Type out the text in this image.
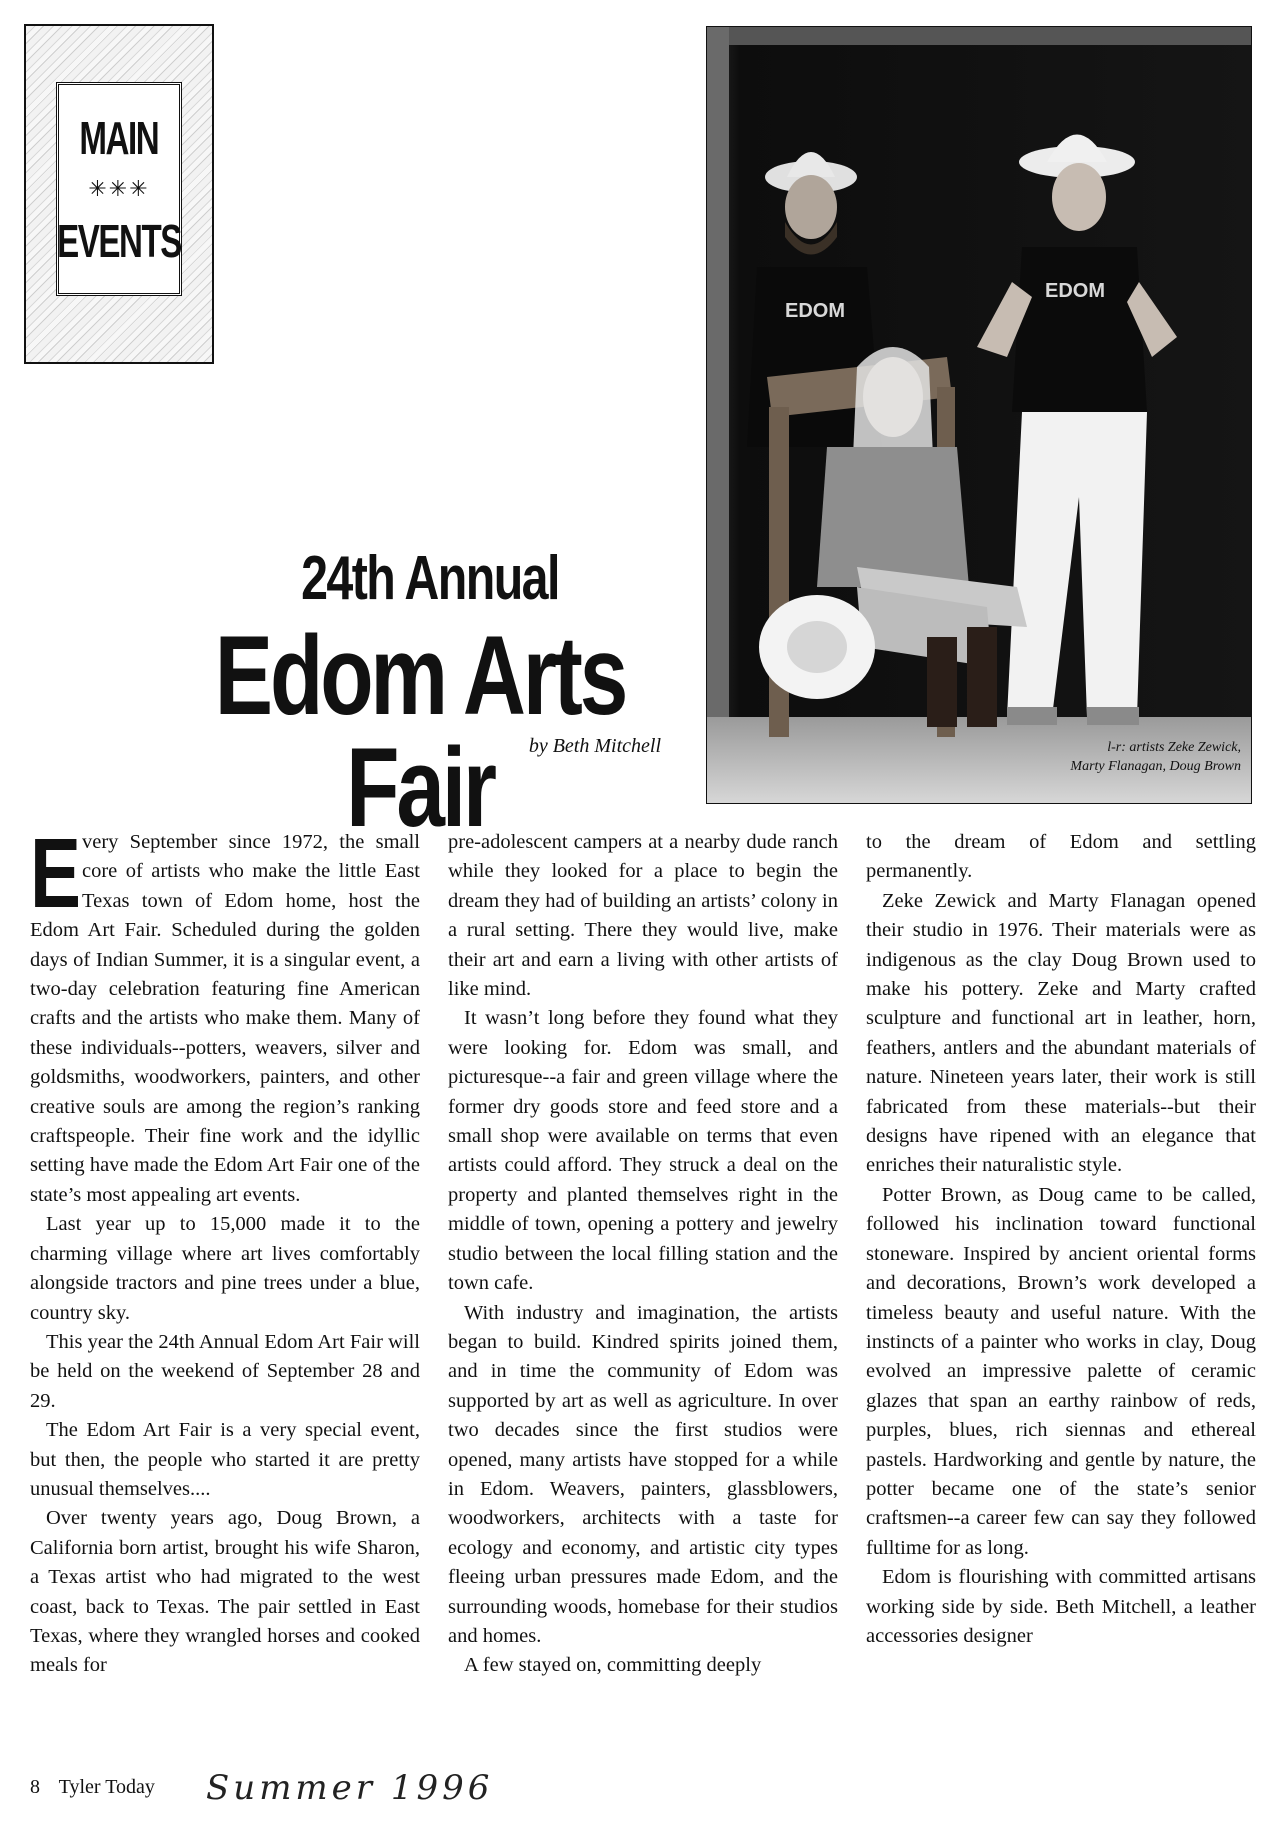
MAIN
✳✳✳
EVENTS
24th Annual
Edom Arts Fair	by Beth Mitchell
EDOM
EDOM
l-r: artists Zeke Zewick,
Marty Flanagan, Doug Brown

Every September since 1972, the small core of artists who make the little East Texas town of Edom home, host the Edom Art Fair. Scheduled during the golden days of Indian Summer, it is a singular event, a two-day celebration featuring fine American crafts and the artists who make them. Many of these individuals--potters, weavers, silver and goldsmiths, woodworkers, painters, and other creative souls are among the region’s ranking craftspeople. Their fine work and the idyllic setting have made the Edom Art Fair one of the state’s most appealing art events.

Last year up to 15,000 made it to the charming village where art lives comfortably alongside tractors and pine trees under a blue, country sky.

This year the 24th Annual Edom Art Fair will be held on the weekend of September 28 and 29.

The Edom Art Fair is a very special event, but then, the people who started it are pretty unusual themselves....

Over twenty years ago, Doug Brown, a California born artist, brought his wife Sharon, a Texas artist who had migrated to the west coast, back to Texas. The pair settled in East Texas, where they wrangled horses and cooked meals for

pre-adolescent campers at a nearby dude ranch while they looked for a place to begin the dream they had of building an artists’ colony in a rural setting. There they would live, make their art and earn a living with other artists of like mind.

It wasn’t long before they found what they were looking for. Edom was small, and picturesque--a fair and green village where the former dry goods store and feed store and a small shop were available on terms that even artists could afford. They struck a deal on the property and planted themselves right in the middle of town, opening a pottery and jewelry studio between the local filling station and the town cafe.

With industry and imagination, the artists began to build. Kindred spirits joined them, and in time the community of Edom was supported by art as well as agriculture. In over two decades since the first studios were opened, many artists have stopped for a while in Edom. Weavers, painters, glassblowers, woodworkers, architects with a taste for ecology and economy, and artistic city types fleeing urban pressures made Edom, and the surrounding woods, homebase for their studios and homes.

A few stayed on, committing deeply

to the dream of Edom and settling permanently.

Zeke Zewick and Marty Flanagan opened their studio in 1976. Their materials were as indigenous as the clay Doug Brown used to make his pottery. Zeke and Marty crafted sculpture and functional art in leather, horn, feathers, antlers and the abundant materials of nature. Nineteen years later, their work is still fabricated from these materials--but their designs have ripened with an elegance that enriches their naturalistic style.

Potter Brown, as Doug came to be called, followed his inclination toward functional stoneware. Inspired by ancient oriental forms and decorations, Brown’s work developed a timeless beauty and useful nature. With the instincts of a painter who works in clay, Doug evolved an impressive palette of ceramic glazes that span an earthy rainbow of reds, purples, blues, rich siennas and ethereal pastels. Hardworking and gentle by nature, the potter became one of the state’s senior craftsmen--a career few can say they followed fulltime for as long.

Edom is flourishing with committed artisans working side by side. Beth Mitchell, a leather accessories designer

8 Tyler Today	Summer 1996
